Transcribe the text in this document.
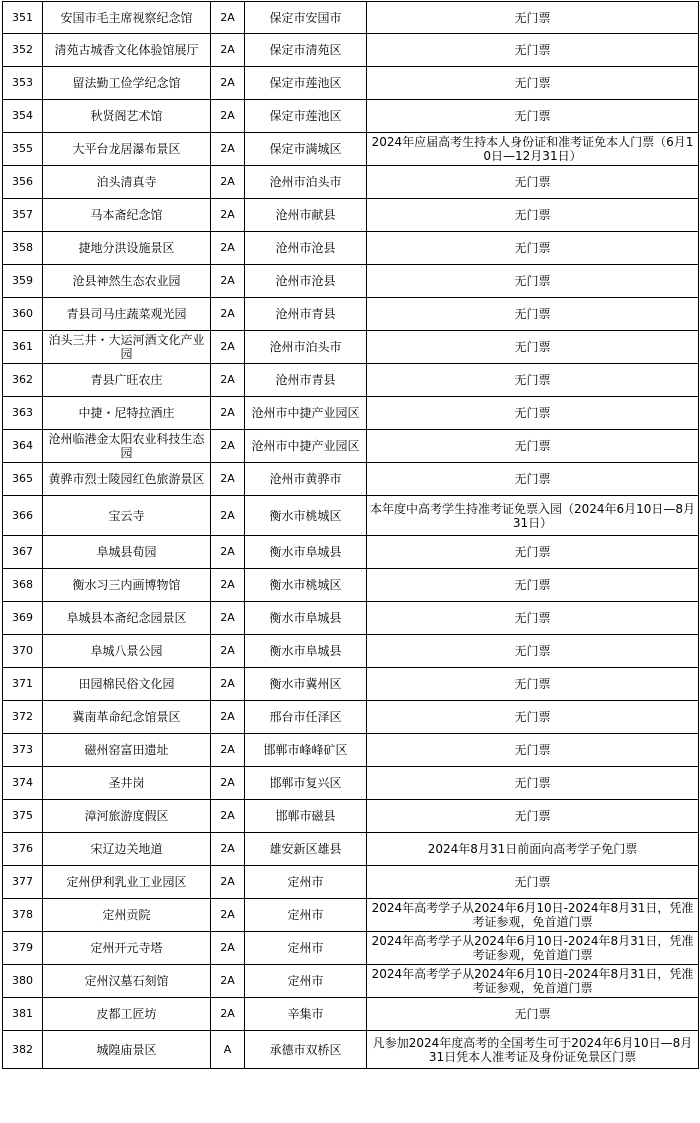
351	安国市毛主席视察纪念馆	2A	保定市安国市	无门票
352	清苑古城香文化体验馆展厅	2A	保定市清苑区	无门票
353	留法勤工俭学纪念馆	2A	保定市莲池区	无门票
354	秋贤阁艺术馆	2A	保定市莲池区	无门票
355	大平台龙居瀑布景区	2A	保定市满城区	2024年应届高考生持本人身份证和准考证免本人门票（6月10日—12月31日）
356	泊头清真寺	2A	沧州市泊头市	无门票
357	马本斋纪念馆	2A	沧州市献县	无门票
358	捷地分洪设施景区	2A	沧州市沧县	无门票
359	沧县神然生态农业园	2A	沧州市沧县	无门票
360	青县司马庄蔬菜观光园	2A	沧州市青县	无门票
361	泊头三井・大运河酒文化产业园	2A	沧州市泊头市	无门票
362	青县广旺农庄	2A	沧州市青县	无门票
363	中捷・尼特拉酒庄	2A	沧州市中捷产业园区	无门票
364	沧州临港金太阳农业科技生态园	2A	沧州市中捷产业园区	无门票
365	黄骅市烈士陵园红色旅游景区	2A	沧州市黄骅市	无门票
366	宝云寺	2A	衡水市桃城区	本年度中高考学生持准考证免票入园（2024年6月10日—8月31日）
367	阜城县荀园	2A	衡水市阜城县	无门票
368	衡水习三内画博物馆	2A	衡水市桃城区	无门票
369	阜城县本斋纪念园景区	2A	衡水市阜城县	无门票
370	阜城八景公园	2A	衡水市阜城县	无门票
371	田园棉民俗文化园	2A	衡水市冀州区	无门票
372	冀南革命纪念馆景区	2A	邢台市任泽区	无门票
373	磁州窑富田遗址	2A	邯郸市峰峰矿区	无门票
374	圣井岗	2A	邯郸市复兴区	无门票
375	漳河旅游度假区	2A	邯郸市磁县	无门票
376	宋辽边关地道	2A	雄安新区雄县	2024年8月31日前面向高考学子免门票
377	定州伊利乳业工业园区	2A	定州市	无门票
378	定州贡院	2A	定州市	2024年高考学子从2024年6月10日-2024年8月31日，凭准考证参观，免首道门票
379	定州开元寺塔	2A	定州市	2024年高考学子从2024年6月10日-2024年8月31日，凭准考证参观，免首道门票
380	定州汉墓石刻馆	2A	定州市	2024年高考学子从2024年6月10日-2024年8月31日，凭准考证参观，免首道门票
381	皮都工匠坊	2A	辛集市	无门票
382	城隍庙景区	A	承德市双桥区	凡参加2024年度高考的全国考生可于2024年6月10日—8月31日凭本人准考证及身份证免景区门票
